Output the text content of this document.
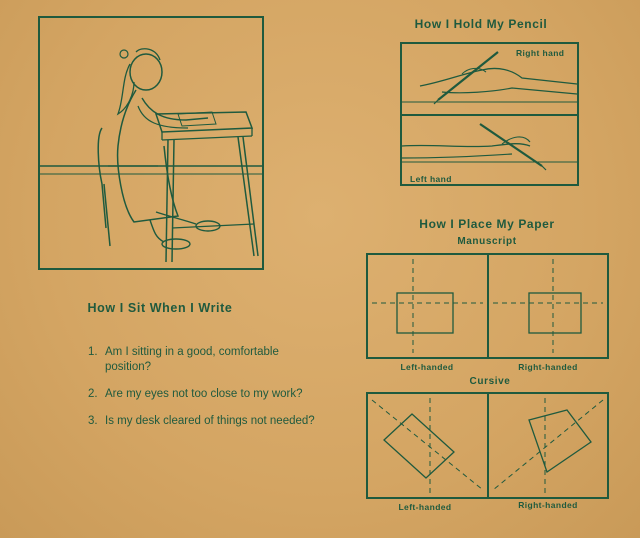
How I Sit When I Write
1. Am I sitting in a good, comfortable position?
2. Are my eyes not too close to my work?
3. Is my desk cleared of things not needed?
How I Hold My Pencil
Right hand
Left hand
How I Place My Paper
Manuscript
Left-handed	Right-handed
Cursive
Left-handed	Right-handed
